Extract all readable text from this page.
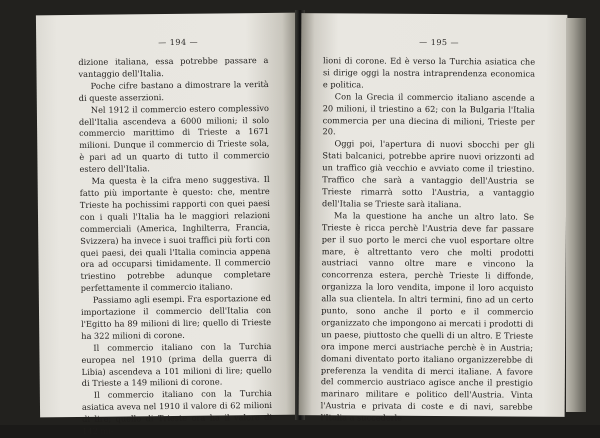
— 194 —

dizione italiana, essa potrebbe passare a vantaggio dell'Italia.

Poche cifre bastano a dimostrare la verità di queste asserzioni.

Nel 1912 il commercio estero complessivo dell'Italia ascendeva a 6000 milioni; il solo commercio marittimo di Trieste a 1671 milioni. Dunque il commercio di Trieste sola, è pari ad un quarto di tutto il commercio estero dell'Italia.

Ma questa è la cifra meno suggestiva. Il fatto più importante è questo: che, mentre Trieste ha pochissimi rapporti con quei paesi con i quali l'Italia ha le maggiori relazioni commerciali (America, Inghilterra, Francia, Svizzera) ha invece i suoi traffici più forti con quei paesi, dei quali l'Italia comincia appena ora ad occuparsi timidamente. Il commercio triestino potrebbe adunque completare perfettamente il commercio italiano.

Passiamo agli esempi. Fra esportazione ed importazione il commercio dell'Italia con l'Egitto ha 89 milioni di lire; quello di Trieste ha 322 milioni di corone.

Il commercio italiano con la Turchia europea nel 1910 (prima della guerra di Libia) ascendeva a 101 milioni di lire; quello di Trieste a 149 milioni di corone.

Il commercio italiano con la Turchia asiatica aveva nel 1910 il valore di 62 milioni di lire; quello di Trieste ora ha il valore di 142 mi-

— 195 —

lioni di corone. Ed è verso la Turchia asiatica che si dirige oggi la nostra intraprendenza economica e politica.

Con la Grecia il commercio italiano ascende a 20 milioni, il triestino a 62; con la Bulgaria l'Italia commercia per una diecina di milioni, Trieste per 20.

Oggi poi, l'apertura di nuovi sbocchi per gli Stati balcanici, potrebbe aprire nuovi orizzonti ad un traffico già vecchio e avviato come il triestino. Traffico che sarà a vantaggio dell'Austria se Trieste rimarrà sotto l'Austria, a vantaggio dell'Italia se Trieste sarà italiana.

Ma la questione ha anche un altro lato. Se Trieste è ricca perchè l'Austria deve far passare per il suo porto le merci che vuol esportare oltre mare, è altrettanto vero che molti prodotti austriaci vanno oltre mare e vincono la concorrenza estera, perchè Trieste li diffonde, organizza la loro vendita, impone il loro acquisto alla sua clientela. In altri termini, fino ad un certo punto, sono anche il porto e il commercio organizzato che impongono ai mercati i prodotti di un paese, piuttosto che quelli di un altro. E Trieste ora impone merci austriache perchè è in Austria; domani diventato porto italiano organizzerebbe di preferenza la vendita di merci italiane. A favore del commercio austriaco agisce anche il prestigio marinaro militare e politico dell'Austria. Vinta l'Austria e privata di coste e di navi, sarebbe l'Italia a succederle
